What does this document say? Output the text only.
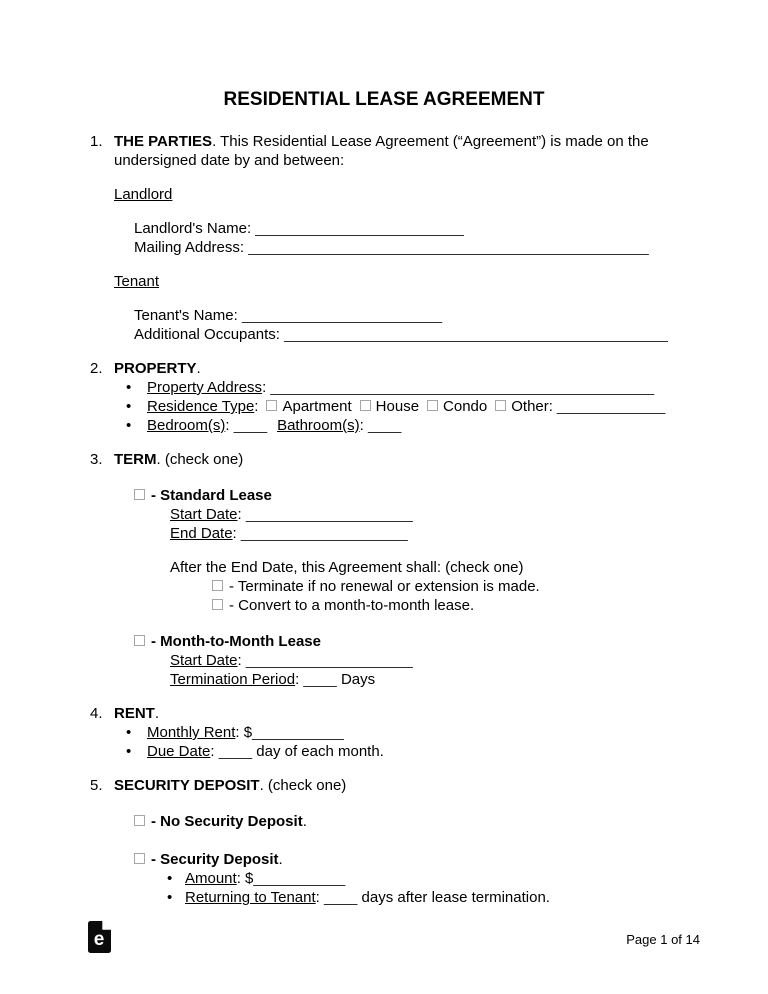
RESIDENTIAL LEASE AGREEMENT
1. THE PARTIES. This Residential Lease Agreement (“Agreement”) is made on the undersigned date by and between:
Landlord
Landlord's Name: _________________________
Mailing Address: ________________________________________________
Tenant
Tenant's Name: ________________________
Additional Occupants: ______________________________________________
2. PROPERTY.
•	Property Address: ______________________________________________
•	Residence Type: Apartment House Condo Other: _____________
•	Bedroom(s): ____ Bathroom(s): ____
3. TERM. (check one)
- Standard Lease
Start Date: ____________________
End Date: ____________________
After the End Date, this Agreement shall: (check one)
- Terminate if no renewal or extension is made.
- Convert to a month-to-month lease.
- Month-to-Month Lease
Start Date: ____________________
Termination Period: ____ Days
4. RENT.
•	Monthly Rent: $___________
•	Due Date: ____ day of each month.
5. SECURITY DEPOSIT. (check one)
- No Security Deposit.
- Security Deposit.
• Amount: $___________
• Returning to Tenant: ____ days after lease termination.
e	Page 1 of 14
